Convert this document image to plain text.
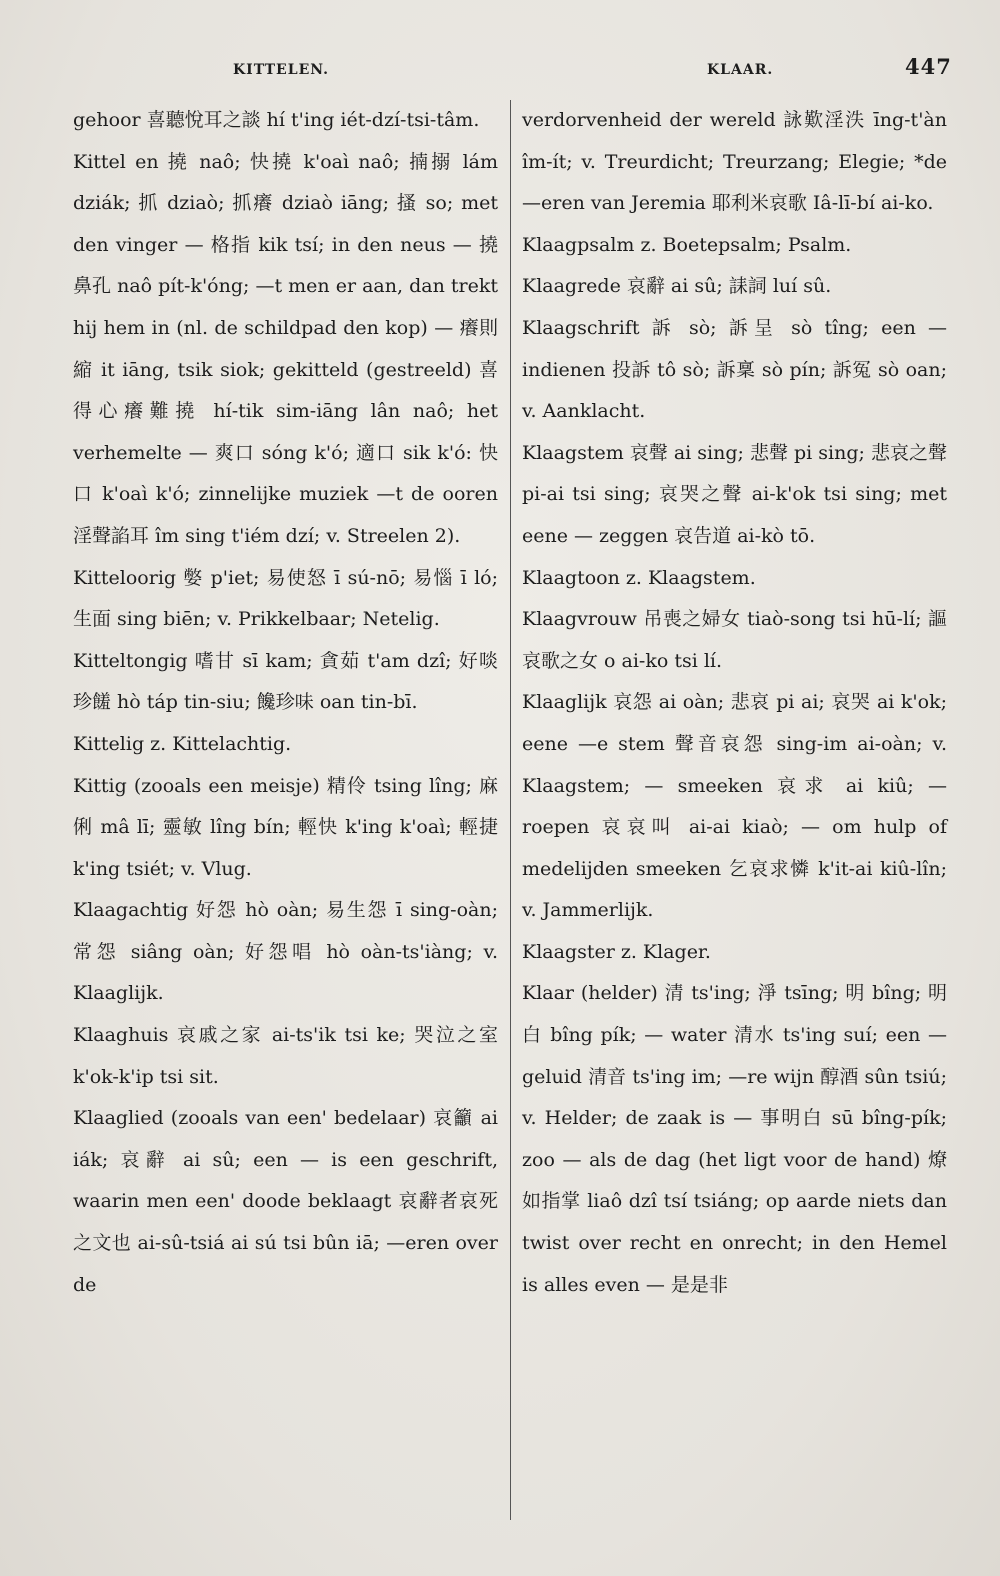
KITTELEN.	KLAAR.	447

gehoor 喜聽悅耳之談 hí t'ing iét-dzí-tsi-tâm.

Kittel en 撓 naô; 快撓 k'oaì naô; 揇搦 lám dziák; 抓 dziaò; 抓癢 dziaò iāng; 搔 so; met den vinger — 格指 kik tsí; in den neus — 撓鼻孔 naô pít-k'óng; —t men er aan, dan trekt hij hem in (nl. de schildpad den kop) — 癢則縮 it iāng, tsik siok; gekitteld (gestreeld) 喜得心癢難撓 hí-tik sim-iāng lân naô; het verhemelte — 爽口 sóng k'ó; 適口 sik k'ó: 快口 k'oaì k'ó; zinnelijke muziek —t de ooren 淫聲諂耳 îm sing t'iém dzí; v. Streelen 2).

Kitteloorig 嫳 p'iet; 易使怒 ī sú-nō; 易惱 ī ló; 生面 sing biēn; v. Prikkelbaar; Netelig.

Kitteltongig 嗜甘 sī kam; 貪茹 t'am dzî; 好啖珍饈 hò táp tin-siu; 饞珍味 oan tin-bī.

Kittelig z. Kittelachtig.

Kittig (zooals een meisje) 精伶 tsing lîng; 麻俐 mâ lī; 靈敏 lîng bín; 輕快 k'ing k'oaì; 輕捷 k'ing tsiét; v. Vlug.

Klaagachtig 好怨 hò oàn; 易生怨 ī sing-oàn; 常怨 siâng oàn; 好怨唱 hò oàn-ts'iàng; v. Klaaglijk.

Klaaghuis 哀戚之家 ai-ts'ik tsi ke; 哭泣之室 k'ok-k'ip tsi sit.

Klaaglied (zooals van een' bedelaar) 哀籲 ai iák; 哀辭 ai sû; een — is een geschrift, waarin men een' doode beklaagt 哀辭者哀死之文也 ai-sû-tsiá ai sú tsi bûn iā; —eren over de

verdorvenheid der wereld 詠歎淫泆 īng-t'àn îm-ít; v. Treurdicht; Treurzang; Elegie; *de —eren van Jeremia 耶利米哀歌 Iâ-lī-bí ai-ko.

Klaagpsalm z. Boetepsalm; Psalm.

Klaagrede 哀辭 ai sû; 誄詞 luí sû.

Klaagschrift 訴 sò; 訴呈 sò tîng; een — indienen 投訴 tô sò; 訴稟 sò pín; 訴冤 sò oan; v. Aanklacht.

Klaagstem 哀聲 ai sing; 悲聲 pi sing; 悲哀之聲 pi-ai tsi sing; 哀哭之聲 ai-k'ok tsi sing; met eene — zeggen 哀告道 ai-kò tō.

Klaagtoon z. Klaagstem.

Klaagvrouw 吊喪之婦女 tiaò-song tsi hū-lí; 謳哀歌之女 o ai-ko tsi lí.

Klaaglijk 哀怨 ai oàn; 悲哀 pi ai; 哀哭 ai k'ok; eene —e stem 聲音哀怨 sing-im ai-oàn; v. Klaagstem; — smeeken 哀求 ai kiû; — roepen 哀哀叫 ai-ai kiaò; — om hulp of medelijden smeeken 乞哀求憐 k'it-ai kiû-lîn; v. Jammerlijk.

Klaagster z. Klager.

Klaar (helder) 清 ts'ing; 淨 tsīng; 明 bîng; 明白 bîng pík; — water 清水 ts'ing suí; een — geluid 清音 ts'ing im; —re wijn 醇酒 sûn tsiú; v. Helder; de zaak is — 事明白 sū bîng-pík; zoo — als de dag (het ligt voor de hand) 燎如指掌 liaô dzî tsí tsiáng; op aarde niets dan twist over recht en onrecht; in den Hemel is alles even — 是是非
